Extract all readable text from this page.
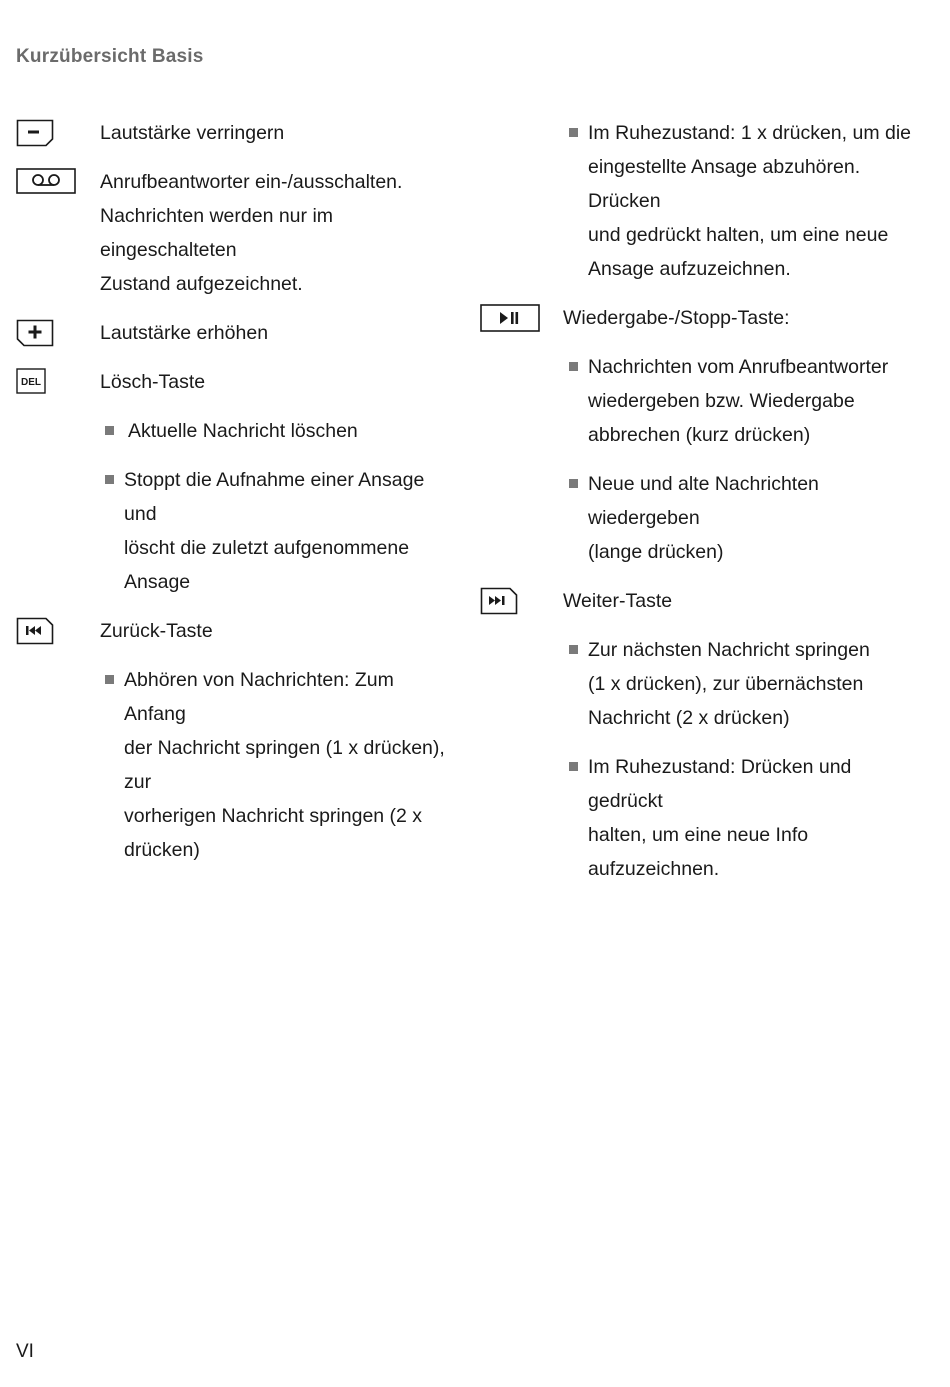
Kurzübersicht Basis
Lautstärke verringern
Anrufbeantworter ein-/ausschalten.
Nachrichten werden nur im eingeschalteten
Zustand aufgezeichnet.
Lautstärke erhöhen
DEL	Lösch-Taste
Aktuelle Nachricht löschen
Stoppt die Aufnahme einer Ansage und
löscht die zuletzt aufgenommene
Ansage
Zurück-Taste
Abhören von Nachrichten: Zum Anfang
der Nachricht springen (1 x drücken), zur
vorherigen Nachricht springen (2 x
drücken)
Im Ruhezustand: 1 x drücken, um die
eingestellte Ansage abzuhören. Drücken
und gedrückt halten, um eine neue
Ansage aufzuzeichnen.
Wiedergabe-/Stopp-Taste:
Nachrichten vom Anrufbeantworter
wiedergeben bzw. Wiedergabe
abbrechen (kurz drücken)
Neue und alte Nachrichten wiedergeben
(lange drücken)
Weiter-Taste
Zur nächsten Nachricht springen
(1 x drücken), zur übernächsten
Nachricht (2 x drücken)
Im Ruhezustand: Drücken und gedrückt
halten, um eine neue Info aufzuzeichnen.
VI
